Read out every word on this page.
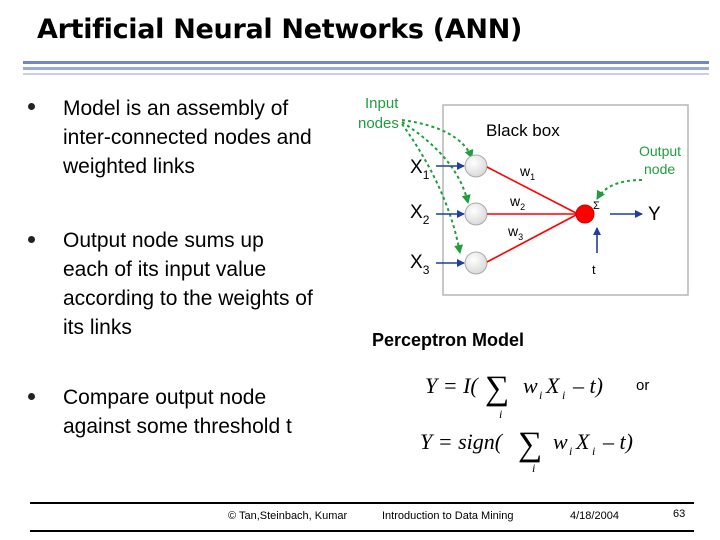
Artificial Neural Networks (ANN)
Model is an assembly of
inter-connected nodes and
weighted links
Output node sums up
each of its input value
according to the weights of
its links
Compare output node
against some threshold t
Black box
Input
nodes
Output
node
$X_1$
$X_2$
$X_3$
$w_1$
$w_2$
$w_3$
Σ	Y
t
Perceptron Model
Y = I( ∑
i
w i X i – t)
Y = sign( ∑
i
w i X i – t)
or
© Tan,Steinbach, Kumar	Introduction to Data Mining	4/18/2004	63
